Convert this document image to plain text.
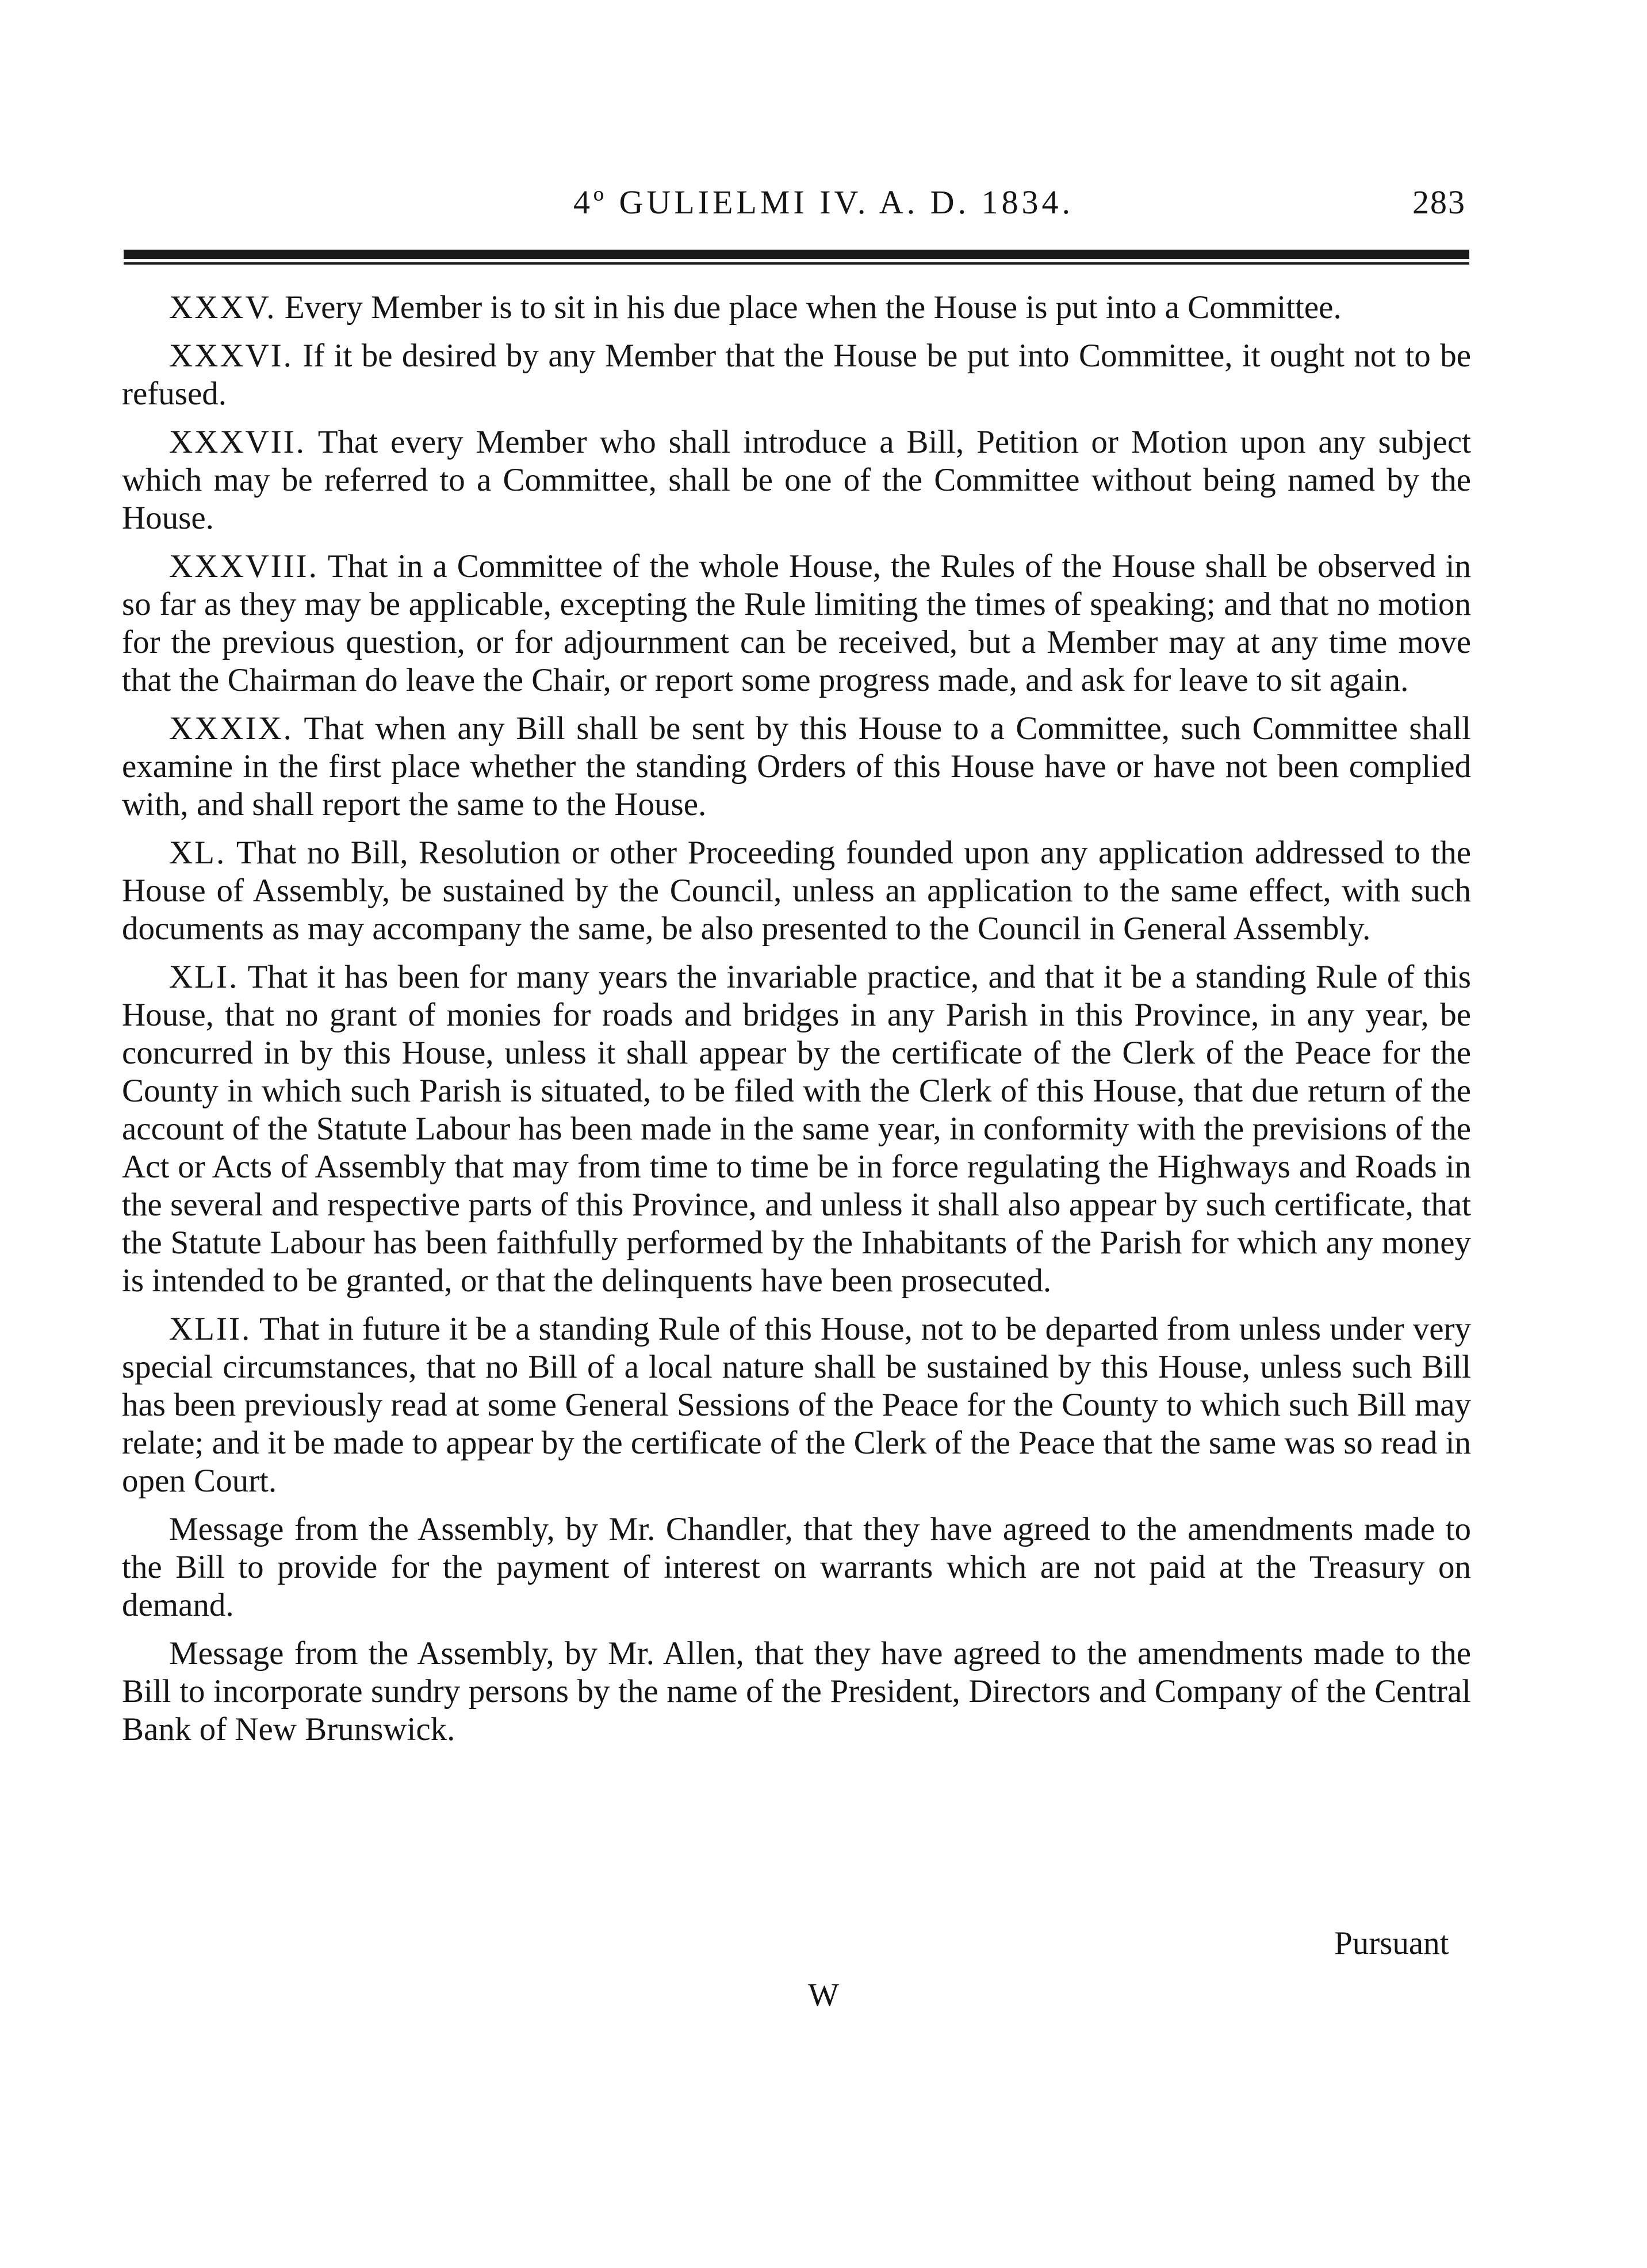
4º GULIELMI IV. A. D. 1834.	283

XXXV. Every Member is to sit in his due place when the House is put into a Committee.

XXXVI. If it be desired by any Member that the House be put into Committee, it ought not to be refused.

XXXVII. That every Member who shall introduce a Bill, Petition or Motion upon any subject which may be referred to a Committee, shall be one of the Committee without being named by the House.

XXXVIII. That in a Committee of the whole House, the Rules of the House shall be observed in so far as they may be applicable, excepting the Rule limiting the times of speaking; and that no motion for the previous question, or for adjournment can be received, but a Member may at any time move that the Chairman do leave the Chair, or report some progress made, and ask for leave to sit again.

XXXIX. That when any Bill shall be sent by this House to a Committee, such Committee shall examine in the first place whether the standing Orders of this House have or have not been complied with, and shall report the same to the House.

XL. That no Bill, Resolution or other Proceeding founded upon any application addressed to the House of Assembly, be sustained by the Council, unless an application to the same effect, with such documents as may accompany the same, be also presented to the Council in General Assembly.

XLI. That it has been for many years the invariable practice, and that it be a standing Rule of this House, that no grant of monies for roads and bridges in any Parish in this Province, in any year, be concurred in by this House, unless it shall appear by the certificate of the Clerk of the Peace for the County in which such Parish is situated, to be filed with the Clerk of this House, that due return of the account of the Statute Labour has been made in the same year, in conformity with the previsions of the Act or Acts of Assembly that may from time to time be in force regulating the Highways and Roads in the several and respective parts of this Province, and unless it shall also appear by such certificate, that the Statute Labour has been faithfully performed by the Inhabitants of the Parish for which any money is intended to be granted, or that the delinquents have been prosecuted.

XLII. That in future it be a standing Rule of this House, not to be departed from unless under very special circumstances, that no Bill of a local nature shall be sustained by this House, unless such Bill has been previously read at some General Sessions of the Peace for the County to which such Bill may relate; and it be made to appear by the certificate of the Clerk of the Peace that the same was so read in open Court.

Message from the Assembly, by Mr. Chandler, that they have agreed to the amendments made to the Bill to provide for the payment of interest on warrants which are not paid at the Treasury on demand.

Message from the Assembly, by Mr. Allen, that they have agreed to the amendments made to the Bill to incorporate sundry persons by the name of the President, Directors and Company of the Central Bank of New Brunswick.

Pursuant
W
